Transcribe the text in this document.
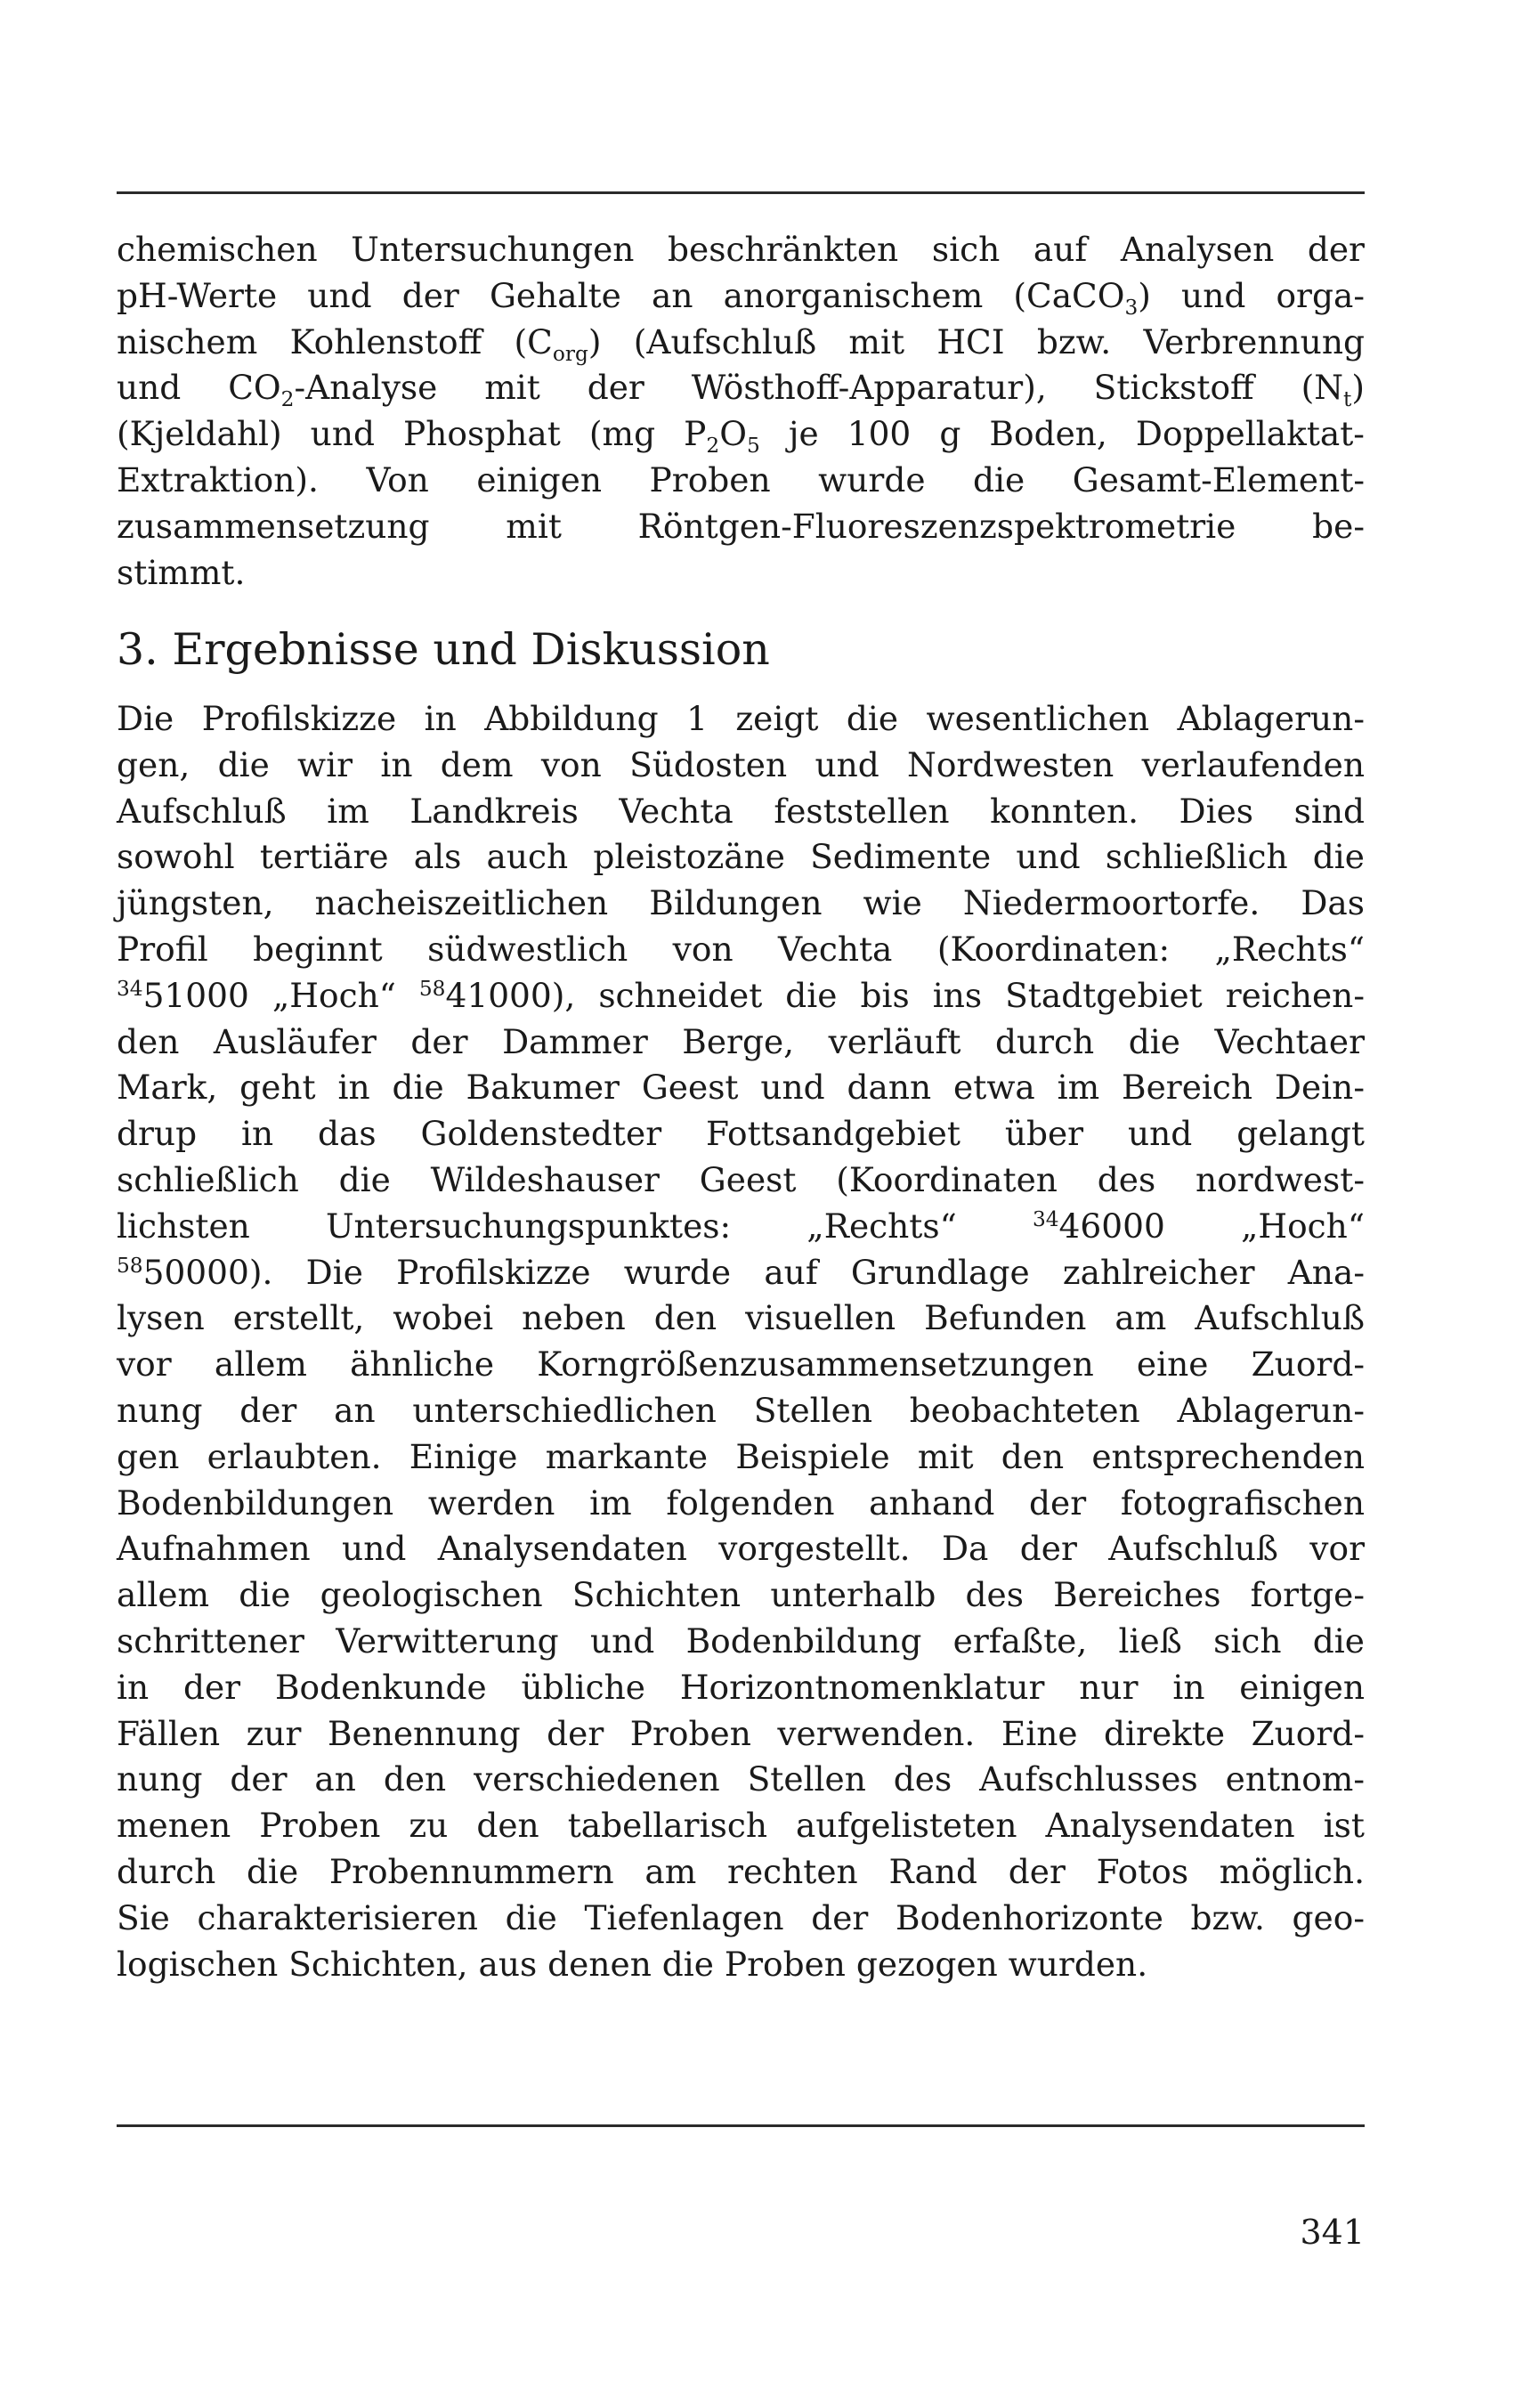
chemischen Untersuchungen beschränkten sich auf Analysen der
pH-Werte und der Gehalte an anorganischem (CaCO$_3$) und orga-
nischem Kohlenstoff $(C_{org})$ (Aufschluß mit HCI bzw. Verbrennung
und $CO_2$-Analyse mit der Wösthoff-Apparatur), Stickstoff $(N_t)$
(Kjeldahl) und Phosphat (mg $P_2O_5$ je 100 g Boden, Doppellaktat-
Extraktion). Von einigen Proben wurde die Gesamt-Element-
zusammensetzung mit Röntgen-Fluoreszenzspektrometrie be-
stimmt.
3. Ergebnisse und Diskussion
Die Profilskizze in Abbildung 1 zeigt die wesentlichen Ablagerun-
gen, die wir in dem von Südosten und Nordwesten verlaufenden
Aufschluß im Landkreis Vechta feststellen konnten. Dies sind
sowohl tertiäre als auch pleistozäne Sedimente und schließlich die
jüngsten, nacheiszeitlichen Bildungen wie Niedermoortorfe. Das
Profil beginnt südwestlich von Vechta (Koordinaten: „Rechts“
$^{34}$51000 „Hoch“ $^{58}$41000), schneidet die bis ins Stadtgebiet reichen-
den Ausläufer der Dammer Berge, verläuft durch die Vechtaer
Mark, geht in die Bakumer Geest und dann etwa im Bereich Dein-
drup in das Goldenstedter Fottsandgebiet über und gelangt
schließlich die Wildeshauser Geest (Koordinaten des nordwest-
lichsten Untersuchungspunktes: „Rechts“ $^{34}$46000 „Hoch“
$^{58}$50000). Die Profilskizze wurde auf Grundlage zahlreicher Ana-
lysen erstellt, wobei neben den visuellen Befunden am Aufschluß
vor allem ähnliche Korngrößenzusammensetzungen eine Zuord-
nung der an unterschiedlichen Stellen beobachteten Ablagerun-
gen erlaubten. Einige markante Beispiele mit den entsprechenden
Bodenbildungen werden im folgenden anhand der fotografischen
Aufnahmen und Analysendaten vorgestellt. Da der Aufschluß vor
allem die geologischen Schichten unterhalb des Bereiches fortge-
schrittener Verwitterung und Bodenbildung erfaßte, ließ sich die
in der Bodenkunde übliche Horizontnomenklatur nur in einigen
Fällen zur Benennung der Proben verwenden. Eine direkte Zuord-
nung der an den verschiedenen Stellen des Aufschlusses entnom-
menen Proben zu den tabellarisch aufgelisteten Analysendaten ist
durch die Probennummern am rechten Rand der Fotos möglich.
Sie charakterisieren die Tiefenlagen der Bodenhorizonte bzw. geo-
logischen Schichten, aus denen die Proben gezogen wurden.
341
